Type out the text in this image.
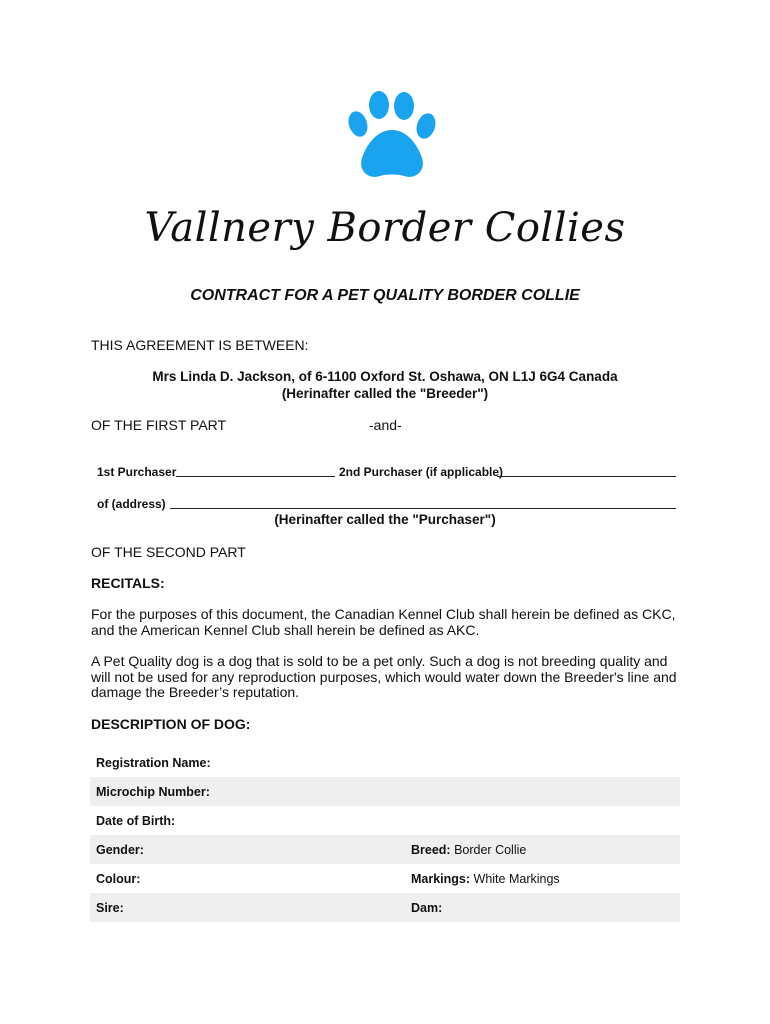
Vallnery Border Collies
CONTRACT FOR A PET QUALITY BORDER COLLIE
THIS AGREEMENT IS BETWEEN:
Mrs Linda D. Jackson, of 6-1100 Oxford St. Oshawa, ON L1J 6G4 Canada
(Herinafter called the "Breeder")
OF THE FIRST PART	-and-
1st Purchaser	2nd Purchaser (if applicable)
of (address)
(Herinafter called the "Purchaser")
OF THE SECOND PART
RECITALS:
For the purposes of this document, the Canadian Kennel Club shall herein be defined as CKC,
and the American Kennel Club shall herein be defined as AKC.
A Pet Quality dog is a dog that is sold to be a pet only. Such a dog is not breeding quality and
will not be used for any reproduction purposes, which would water down the Breeder's line and
damage the Breeder’s reputation.
DESCRIPTION OF DOG:
Registration Name:
Microchip Number:
Date of Birth:
Gender:	Breed: Border Collie
Colour:	Markings: White Markings
Sire:	Dam:
